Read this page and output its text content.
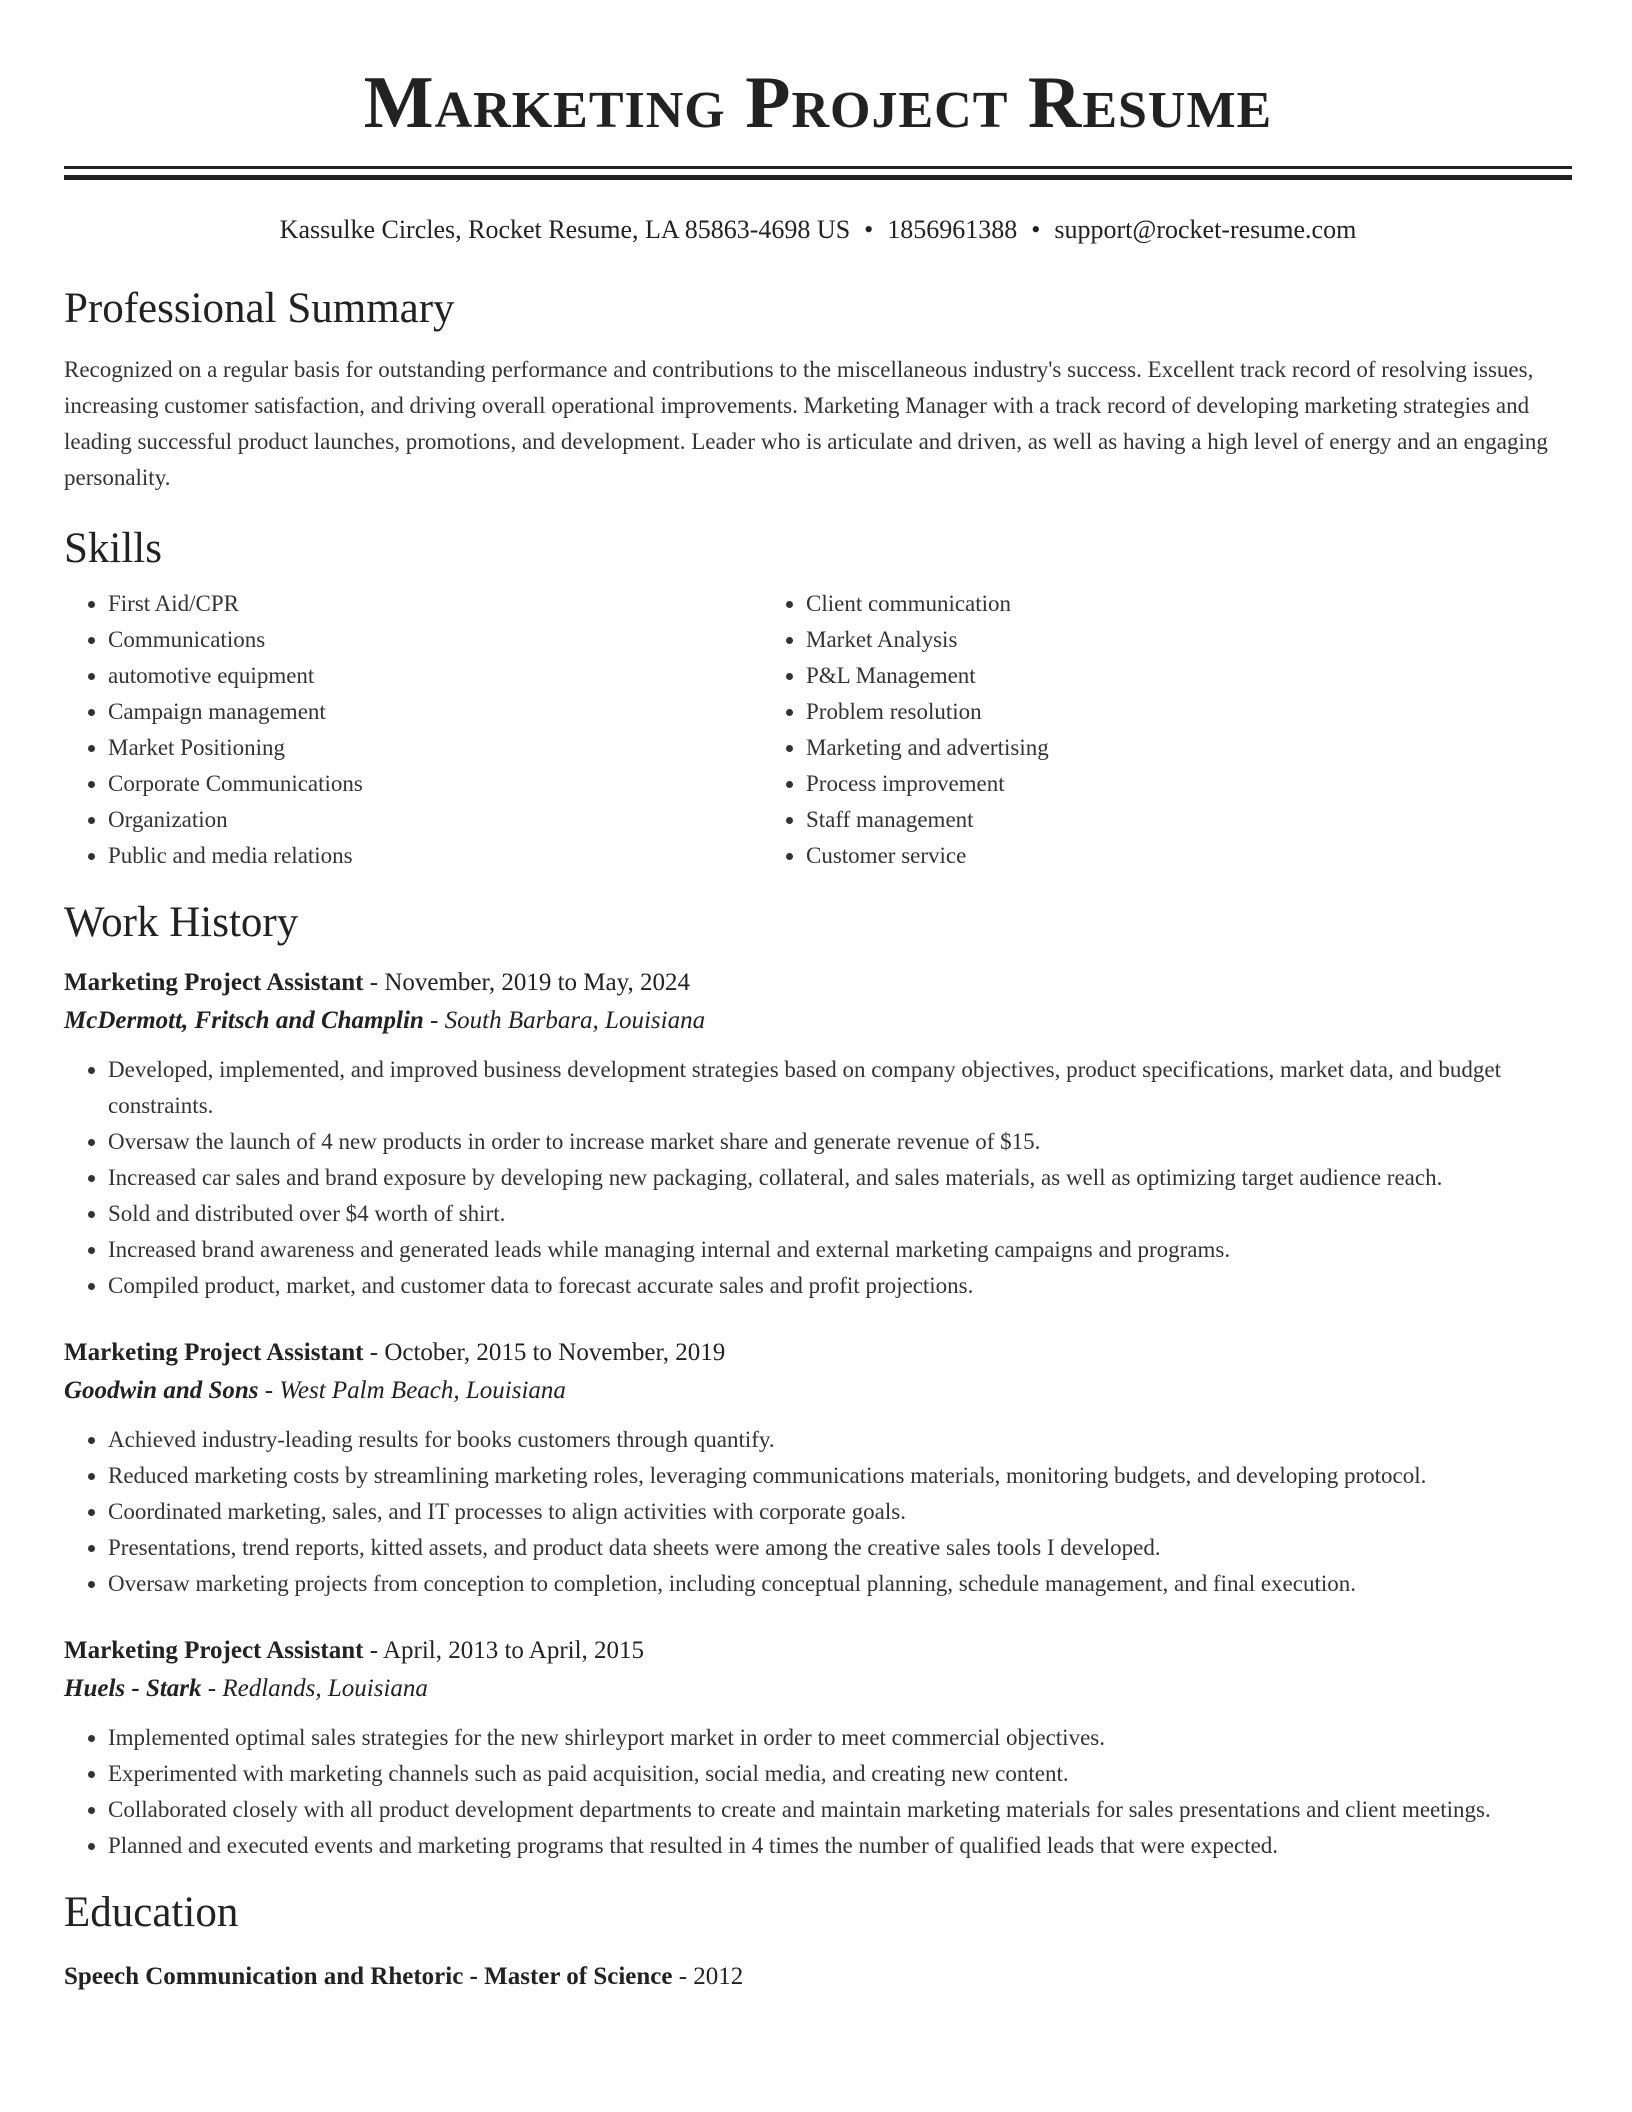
Marketing Project Resume
Kassulke Circles, Rocket Resume, LA 85863-4698 US • 1856961388 • support@rocket-resume.com
Professional Summary
Recognized on a regular basis for outstanding performance and contributions to the miscellaneous industry's success. Excellent track record of resolving issues, increasing customer satisfaction, and driving overall operational improvements. Marketing Manager with a track record of developing marketing strategies and leading successful product launches, promotions, and development. Leader who is articulate and driven, as well as having a high level of energy and an engaging personality.
Skills
• First Aid/CPR
• Communications
• automotive equipment
• Campaign management
• Market Positioning
• Corporate Communications
• Organization
• Public and media relations
• Client communication
• Market Analysis
• P&L Management
• Problem resolution
• Marketing and advertising
• Process improvement
• Staff management
• Customer service
Work History
Marketing Project Assistant - November, 2019 to May, 2024
McDermott, Fritsch and Champlin - South Barbara, Louisiana
• Developed, implemented, and improved business development strategies based on company objectives, product specifications, market data, and budget constraints.
• Oversaw the launch of 4 new products in order to increase market share and generate revenue of $15.
• Increased car sales and brand exposure by developing new packaging, collateral, and sales materials, as well as optimizing target audience reach.
• Sold and distributed over $4 worth of shirt.
• Increased brand awareness and generated leads while managing internal and external marketing campaigns and programs.
• Compiled product, market, and customer data to forecast accurate sales and profit projections.
Marketing Project Assistant - October, 2015 to November, 2019
Goodwin and Sons - West Palm Beach, Louisiana
• Achieved industry-leading results for books customers through quantify.
• Reduced marketing costs by streamlining marketing roles, leveraging communications materials, monitoring budgets, and developing protocol.
• Coordinated marketing, sales, and IT processes to align activities with corporate goals.
• Presentations, trend reports, kitted assets, and product data sheets were among the creative sales tools I developed.
• Oversaw marketing projects from conception to completion, including conceptual planning, schedule management, and final execution.
Marketing Project Assistant - April, 2013 to April, 2015
Huels - Stark - Redlands, Louisiana
• Implemented optimal sales strategies for the new shirleyport market in order to meet commercial objectives.
• Experimented with marketing channels such as paid acquisition, social media, and creating new content.
• Collaborated closely with all product development departments to create and maintain marketing materials for sales presentations and client meetings.
• Planned and executed events and marketing programs that resulted in 4 times the number of qualified leads that were expected.
Education
Speech Communication and Rhetoric - Master of Science - 2012
